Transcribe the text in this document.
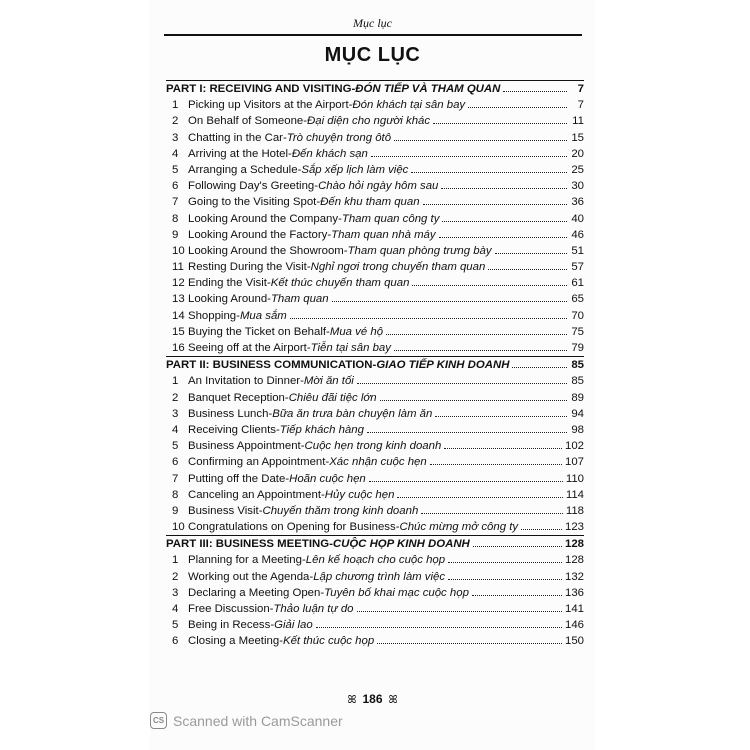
Mục lục
MỤC LỤC
PART I: RECEIVING AND VISITING - ĐÓN TIẾP VÀ THAM QUAN	7
1 Picking up Visitors at the Airport - Đón khách tại sân bay	7
2 On Behalf of Someone - Đại diện cho người khác	11
3 Chatting in the Car - Trò chuyện trong ôtô	15
4 Arriving at the Hotel - Đến khách sạn	20
5 Arranging a Schedule - Sắp xếp lịch làm việc	25
6 Following Day's Greeting - Chào hỏi ngày hôm sau	30
7 Going to the Visiting Spot - Đến khu tham quan	36
8 Looking Around the Company - Tham quan công ty	40
9 Looking Around the Factory - Tham quan nhà máy	46
10 Looking Around the Showroom - Tham quan phòng trưng bày	51
11 Resting During the Visit - Nghỉ ngơi trong chuyến tham quan	57
12 Ending the Visit - Kết thúc chuyến tham quan	61
13 Looking Around - Tham quan	65
14 Shopping - Mua sắm	70
15 Buying the Ticket on Behalf - Mua vé hộ	75
16 Seeing off at the Airport - Tiễn tại sân bay	79
PART II: BUSINESS COMMUNICATION - GIAO TIẾP KINH DOANH	85
1 An Invitation to Dinner - Mời ăn tối	85
2 Banquet Reception - Chiêu đãi tiệc lớn	89
3 Business Lunch - Bữa ăn trưa bàn chuyện làm ăn	94
4 Receiving Clients - Tiếp khách hàng	98
5 Business Appointment - Cuộc hẹn trong kinh doanh	102
6 Confirming an Appointment - Xác nhận cuộc hẹn	107
7 Putting off the Date - Hoãn cuộc hẹn	110
8 Canceling an Appointment - Hủy cuộc hẹn	114
9 Business Visit - Chuyến thăm trong kinh doanh	118
10 Congratulations on Opening for Business - Chúc mừng mở công ty	123
PART III: BUSINESS MEETING - CUỘC HỌP KINH DOANH	128
1 Planning for a Meeting - Lên kế hoạch cho cuộc họp	128
2 Working out the Agenda - Lập chương trình làm việc	132
3 Declaring a Meeting Open - Tuyên bố khai mạc cuộc họp	136
4 Free Discussion - Thảo luận tự do	141
5 Being in Recess - Giải lao	146
6 Closing a Meeting - Kết thúc cuộc họp	150
ꕤ 186 ꕤ
CS Scanned with CamScanner
